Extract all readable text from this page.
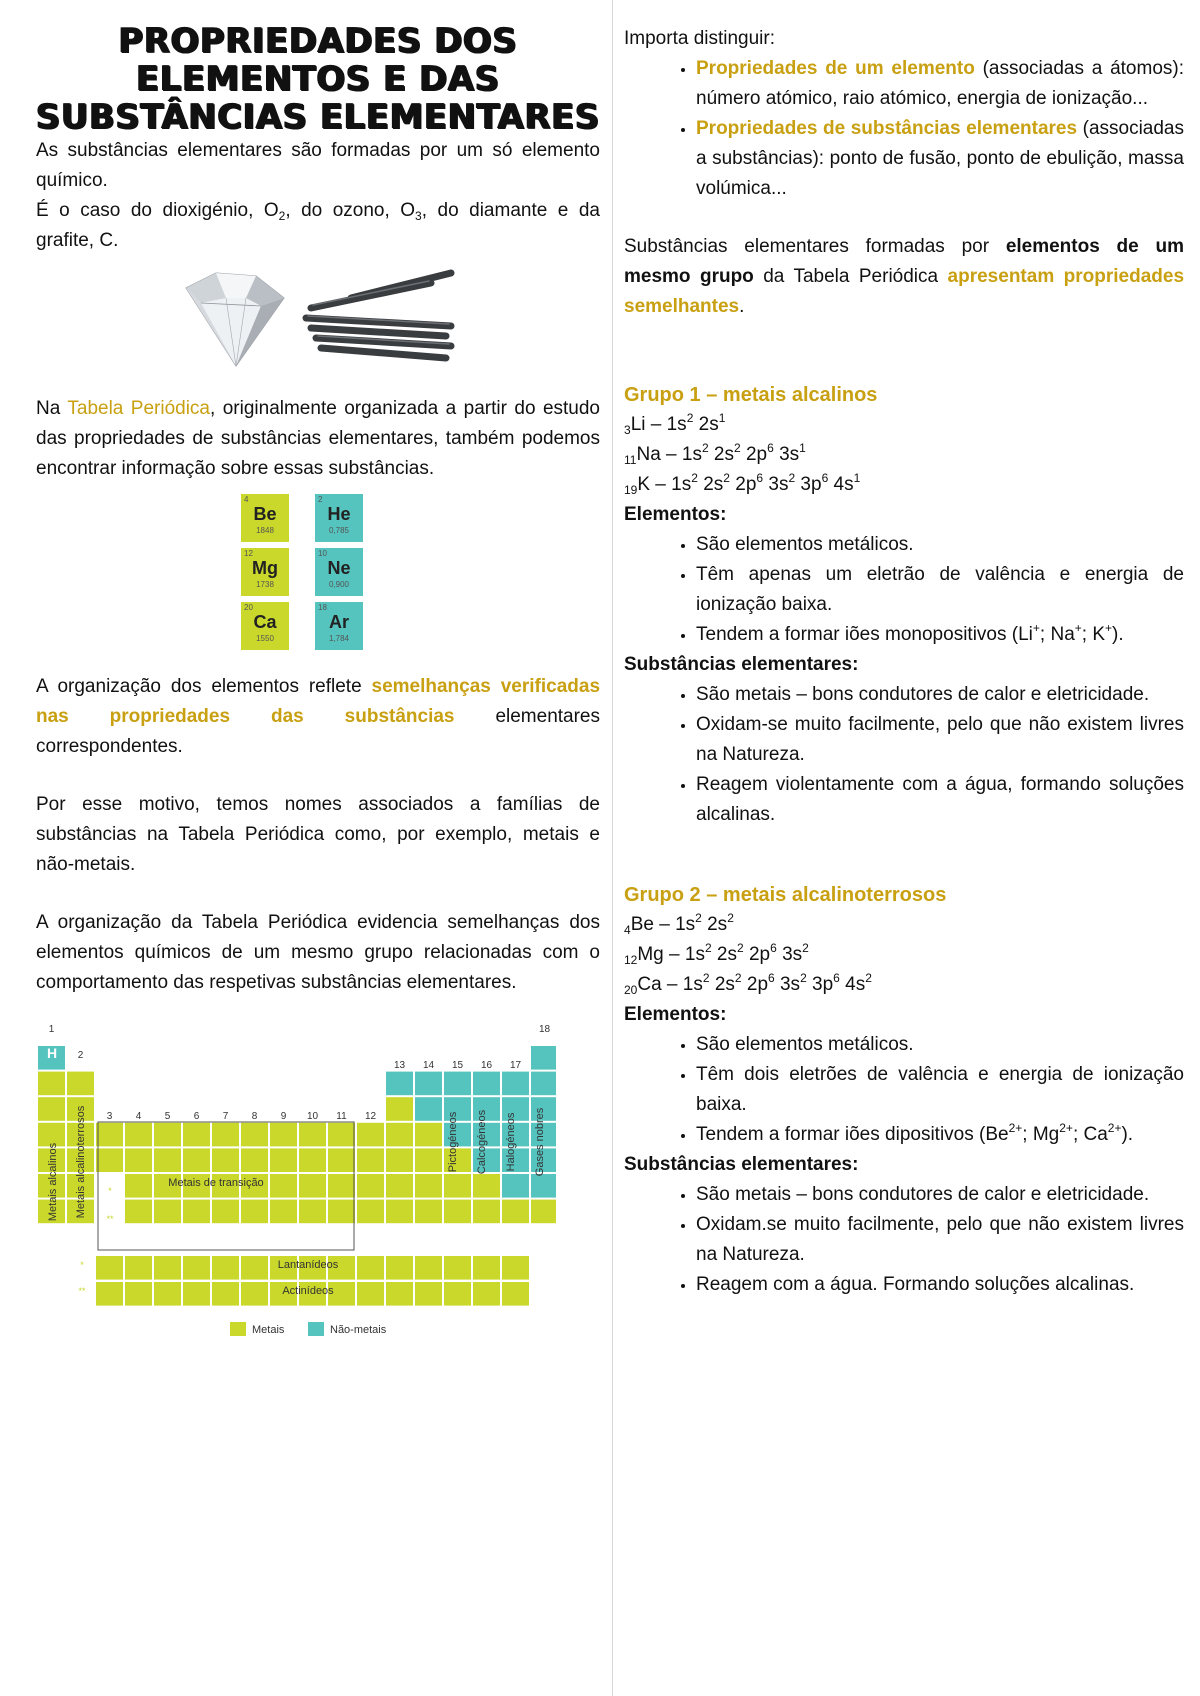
PROPRIEDADES DOS ELEMENTOS E DAS SUBSTÂNCIAS ELEMENTARES

As substâncias elementares são formadas por um só elemento químico.

É o caso do dioxigénio, $O_2$, do ozono, $O_3$, do diamante e da grafite, C.

Na Tabela Periódica, originalmente organizada a partir do estudo das propriedades de substâncias elementares, também podemos encontrar informação sobre essas substâncias.

4
Be
1848
2
He
0,785
12
Mg
1738
10
Ne
0,900
20
Ca
1550
18
Ar
1,784

A organização dos elementos reflete semelhanças verificadas nas propriedades das substâncias elementares correspondentes.

Por esse motivo, temos nomes associados a famílias de substâncias na Tabela Periódica como, por exemplo, metais e não-metais.

A organização da Tabela Periódica evidencia semelhanças dos elementos químicos de um mesmo grupo relacionadas com o comportamento das respetivas substâncias elementares.

H
1
2
3 4 5 6 7 8 9 10 11 12
13 14 15 16 17
18
Metais alcalinos Metais alcalinoterrosos	Metais de transição
Pictogéneos Calcogéneos Halogéneos Gases nobres
Lantanídeos
Actinídeos
*
**
*
**
Metais	Não-metais

Importa distinguir:

• Propriedades de um elemento (associadas a átomos): número atómico, raio atómico, energia de ionização...
• Propriedades de substâncias elementares (associadas a substâncias): ponto de fusão, ponto de ebulição, massa volúmica...

Substâncias elementares formadas por elementos de um mesmo grupo da Tabela Periódica apresentam propriedades semelhantes.

Grupo 1 – metais alcalinos
$_3Li - 1s^2$ $2s^1$
$_{11}Na - 1s^2$ $2s^2$ $2p^6$ $3s^1$
$_{19}K - 1s^2$ $2s^2$ $2p^6$ $3s^2$ $3p^6$ $4s^1$
Elementos:
• São elementos metálicos.
• Têm apenas um eletrão de valência e energia de ionização baixa.
• Tendem a formar iões monopositivos (Li+; Na+; K+).
Substâncias elementares:
• São metais – bons condutores de calor e eletricidade.
• Oxidam-se muito facilmente, pelo que não existem livres na Natureza.
• Reagem violentamente com a água, formando soluções alcalinas.
Grupo 2 – metais alcalinoterrosos
$_4Be - 1s^2$ $2s^2$
$_{12}Mg - 1s^2$ $2s^2$ $2p^6$ $3s^2$
$_{20}Ca - 1s^2$ $2s^2$ $2p^6$ $3s^2$ $3p^6$ $4s^2$
Elementos:
• São elementos metálicos.
• Têm dois eletrões de valência e energia de ionização baixa.
• Tendem a formar iões dipositivos ($Be^{2+}$; $Mg^{2+}$; $Ca^{2+}$).
Substâncias elementares:
• São metais – bons condutores de calor e eletricidade.
• Oxidam.se muito facilmente, pelo que não existem livres na Natureza.
• Reagem com a água. Formando soluções alcalinas.
